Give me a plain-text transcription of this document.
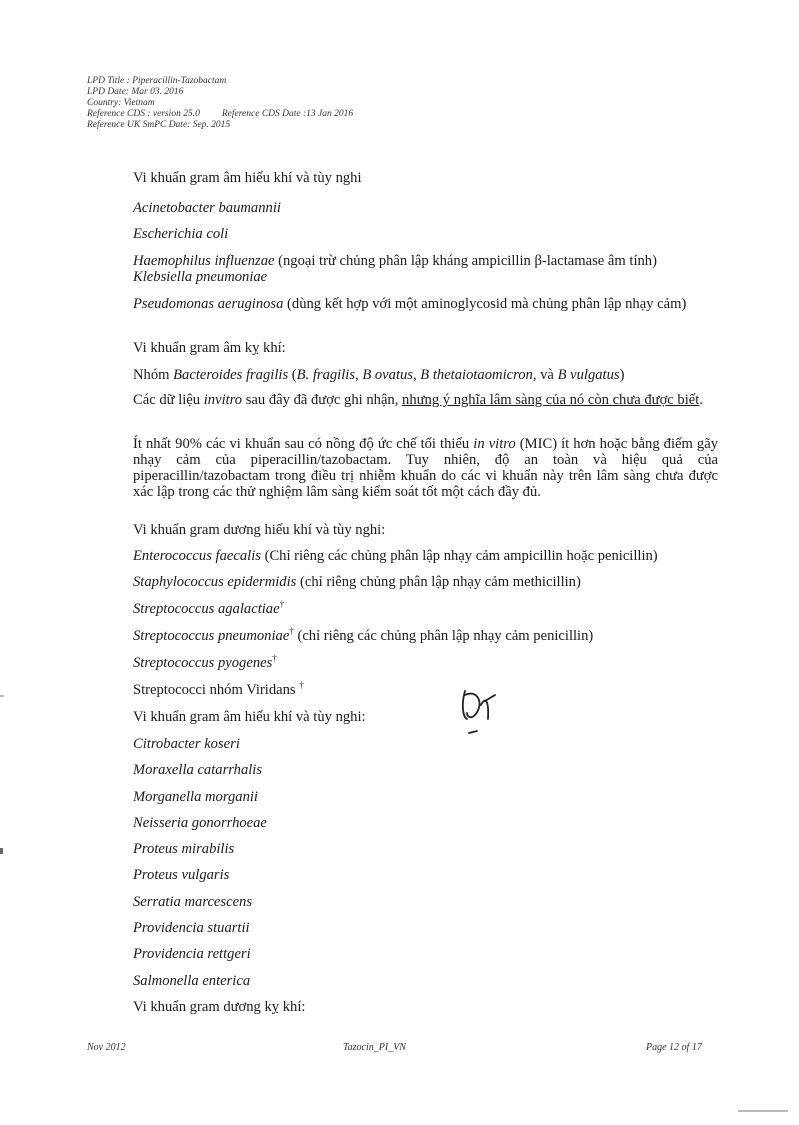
LPD Title : Piperacillin-Tazobactam
LPD Date: Mar 03. 2016
Country: Vietnam
Reference CDS : version 25.0 Reference CDS Date :13 Jan 2016
Reference UK SmPC Date: Sep. 2015

Vi khuẩn gram âm hiếu khí và tùy nghi

Acinetobacter baumannii

Escherichia coli

Haemophilus influenzae (ngoại trừ chủng phân lập kháng ampicillin β-lactamase âm tính)

Klebsiella pneumoniae

Pseudomonas aeruginosa (dùng kết hợp với một aminoglycosid mà chủng phân lập nhạy cảm)

Vi khuẩn gram âm kỵ khí:

Nhóm Bacteroides fragilis (B. fragilis, B ovatus, B thetaiotaomicron, và B vulgatus)

Các dữ liệu invitro sau đây đã được ghi nhận, nhưng ý nghĩa lâm sàng của nó còn chưa được biết.

Ít nhất 90% các vi khuẩn sau có nồng độ ức chế tối thiểu in vitro (MIC) ít hơn hoặc bằng điểm gãy nhạy cảm của piperacillin/tazobactam. Tuy nhiên, độ an toàn và hiệu quả của piperacillin/tazobactam trong điều trị nhiễm khuẩn do các vi khuẩn này trên lâm sàng chưa được xác lập trong các thử nghiệm lâm sàng kiểm soát tốt một cách đầy đủ.

Vi khuẩn gram dương hiếu khí và tùy nghi:

Enterococcus faecalis (Chỉ riêng các chủng phân lập nhạy cảm ampicillin hoặc penicillin)

Staphylococcus epidermidis (chỉ riêng chủng phân lập nhạy cảm methicillin)

Streptococcus agalactiae†

Streptococcus pneumoniae† (chỉ riêng các chủng phân lập nhạy cảm penicillin)

Streptococcus pyogenes†

Streptococci nhóm Viridans †

Vi khuẩn gram âm hiếu khí và tùy nghi:

Citrobacter koseri

Moraxella catarrhalis

Morganella morganii

Neisseria gonorrhoeae

Proteus mirabilis

Proteus vulgaris

Serratia marcescens

Providencia stuartii

Providencia rettgeri

Salmonella enterica

Vi khuẩn gram dương kỵ khí:

Nov 2012	Tazocin_PI_VN	Page 12 of 17
